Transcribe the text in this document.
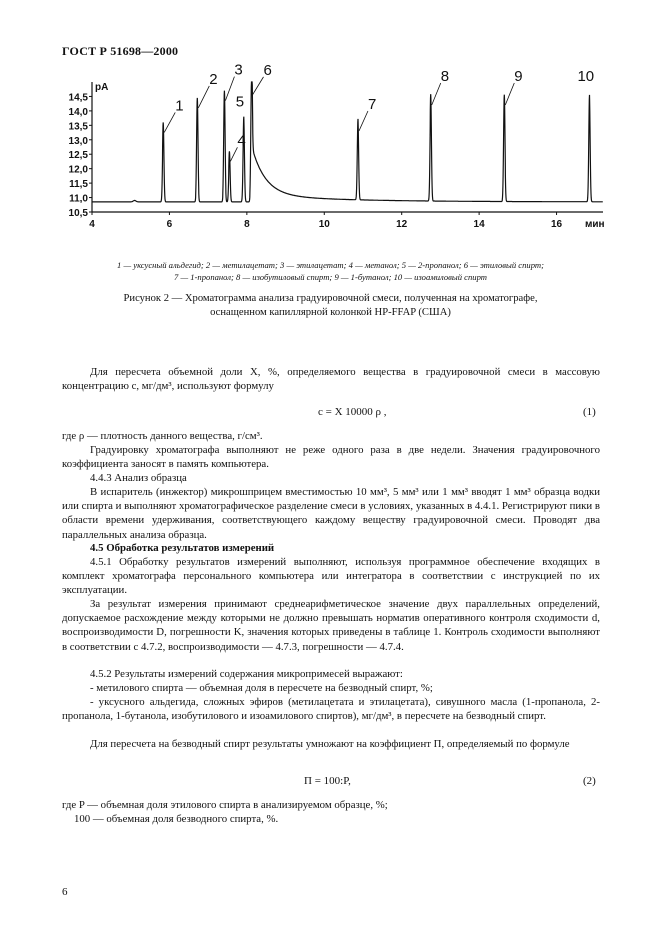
ГОСТ Р 51698—2000
10,5
11,0
11,5
12,0
12,5
13,0
13,5
14,0
14,5
4	6	8	10	12	14	16
pA
мин
1
2
3
4
5
6
7
8	9	10
1 — уксусный альдегид; 2 — метилацетат; 3 — этилацетат; 4 — метанол; 5 — 2-пропанол; 6 — этиловый спирт;
7 — 1-пропанол; 8 — изобутиловый спирт; 9 — 1-бутанол; 10 — изоамиловый спирт
Рисунок 2 — Хроматограмма анализа градуировочной смеси, полученная на хроматографе,
оснащенном капиллярной колонкой HP-FFAP (США)
Для пересчета объемной доли X, %, определяемого вещества в градуировочной смеси в массовую концентрацию c, мг/дм³, используют формулу
c = X 10000 ρ ,	(1)
где ρ — плотность данного вещества, г/см³.
Градуировку хроматографа выполняют не реже одного раза в две недели. Значения градуировочного коэффициента заносят в память компьютера.
4.4.3 Анализ образца
В испаритель (инжектор) микрошприцем вместимостью 10 мм³, 5 мм³ или 1 мм³ вводят 1 мм³ образца водки или спирта и выполняют хроматографическое разделение смеси в условиях, указанных в 4.4.1. Регистрируют пики в области времени удерживания, соответствующего каждому веществу градуировочной смеси. Проводят два параллельных анализа образца.
4.5 Обработка результатов измерений
4.5.1 Обработку результатов измерений выполняют, используя программное обеспечение входящих в комплект хроматографа персонального компьютера или интегратора в соответствии с инструкцией по их эксплуатации.
За результат измерения принимают среднеарифметическое значение двух параллельных определений, допускаемое расхождение между которыми не должно превышать норматив оперативного контроля сходимости d, воспроизводимости D, погрешности K, значения которых приведены в таблице 1. Контроль сходимости выполняют в соответствии с 4.7.2, воспроизводимости — 4.7.3, погрешности — 4.7.4.
4.5.2 Результаты измерений содержания микропримесей выражают:
- метилового спирта — объемная доля в пересчете на безводный спирт, %;
- уксусного альдегида, сложных эфиров (метилацетата и этилацетата), сивушного масла (1-пропанола, 2-пропанола, 1-бутанола, изобутилового и изоамилового спиртов), мг/дм³, в пересчете на безводный спирт.
Для пересчета на безводный спирт результаты умножают на коэффициент П, определяемый по формуле
П = 100:P,	(2)
где P — объемная доля этилового спирта в анализируемом образце, %;
100 — объемная доля безводного спирта, %.
6
